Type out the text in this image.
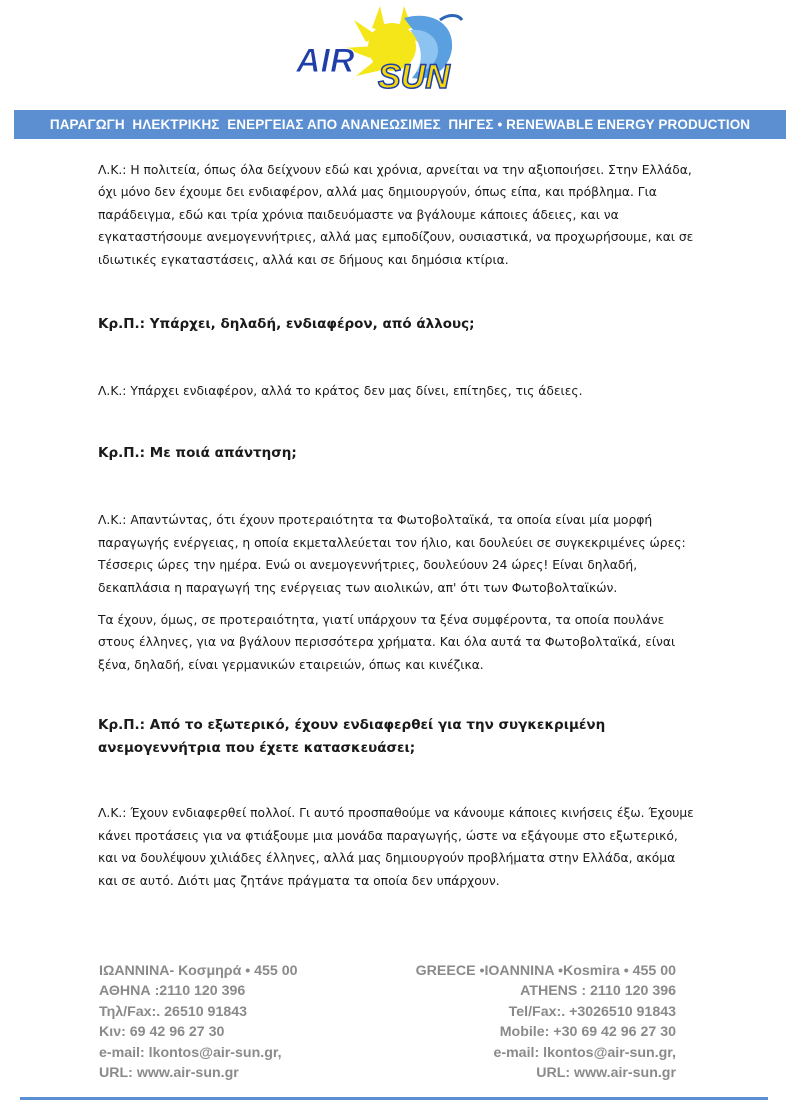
AIR SUN
ΠΑΡΑΓΩΓΗ  ΗΛΕΚΤΡΙΚΗΣ  ΕΝΕΡΓΕΙΑΣ ΑΠΟ ΑΝΑΝΕΩΣΙΜΕΣ  ΠΗΓΕΣ • RENEWABLE ENERGY PRODUCTION

Λ.Κ.: Η πολιτεία, όπως όλα δείχνουν εδώ και χρόνια, αρνείται να την αξιοποιήσει. Στην Ελλάδα, όχι μόνο δεν έχουμε δει ενδιαφέρον, αλλά μας δημιουργούν, όπως είπα, και πρόβλημα. Για παράδειγμα, εδώ και τρία χρόνια παιδευόμαστε να βγάλουμε κάποιες άδειες, και να εγκαταστήσουμε ανεμογεννήτριες, αλλά μας εμποδίζουν, ουσιαστικά, να προχωρήσουμε, και σε ιδιωτικές εγκαταστάσεις, αλλά και σε δήμους και δημόσια κτίρια.

Κρ.Π.: Υπάρχει, δηλαδή, ενδιαφέρον, από άλλους;

Λ.Κ.: Υπάρχει ενδιαφέρον, αλλά το κράτος δεν μας δίνει, επίτηδες, τις άδειες.

Κρ.Π.: Με ποιά απάντηση;

Λ.Κ.: Απαντώντας, ότι έχουν προτεραιότητα τα Φωτοβολταϊκά, τα οποία είναι μία μορφή παραγωγής ενέργειας, η οποία εκμεταλλεύεται τον ήλιο, και δουλεύει σε συγκεκριμένες ώρες: Τέσσερις ώρες την ημέρα. Ενώ οι ανεμογεννήτριες, δουλεύουν 24 ώρες! Είναι δηλαδή, δεκαπλάσια η παραγωγή της ενέργειας των αιολικών, απ' ότι των Φωτοβολταϊκών.

Τα έχουν, όμως, σε προτεραιότητα, γιατί υπάρχουν τα ξένα συμφέροντα, τα οποία πουλάνε στους έλληνες, για να βγάλουν περισσότερα χρήματα. Και όλα αυτά τα Φωτοβολταϊκά, είναι ξένα, δηλαδή, είναι γερμανικών εταιρειών, όπως και κινέζικα.

Κρ.Π.: Από το εξωτερικό, έχουν ενδιαφερθεί για την συγκεκριμένη ανεμογεννήτρια που έχετε κατασκευάσει;

Λ.Κ.: Έχουν ενδιαφερθεί πολλοί. Γι αυτό προσπαθούμε να κάνουμε κάποιες κινήσεις έξω. Έχουμε κάνει προτάσεις για να φτιάξουμε μια μονάδα παραγωγής, ώστε να εξάγουμε στο εξωτερικό, και να δουλέψουν χιλιάδες έλληνες, αλλά μας δημιουργούν προβλήματα στην Ελλάδα, ακόμα και σε αυτό. Διότι μας ζητάνε πράγματα τα οποία δεν υπάρχουν.

ΙΩΑΝΝΙΝΑ- Κοσμηρά • 455 00
ΑΘΗΝΑ :2110 120 396
Τηλ/Fax:. 26510 91843
Κιν: 69 42 96 27 30
e-mail: lkontos@air-sun.gr,
URL: www.air-sun.gr
GREECE •IOANNINA •Kosmira • 455 00
ATHENS : 2110 120 396
Tel/Fax:. +3026510 91843
Mobile: +30 69 42 96 27 30
e-mail: lkontos@air-sun.gr,
URL: www.air-sun.gr
